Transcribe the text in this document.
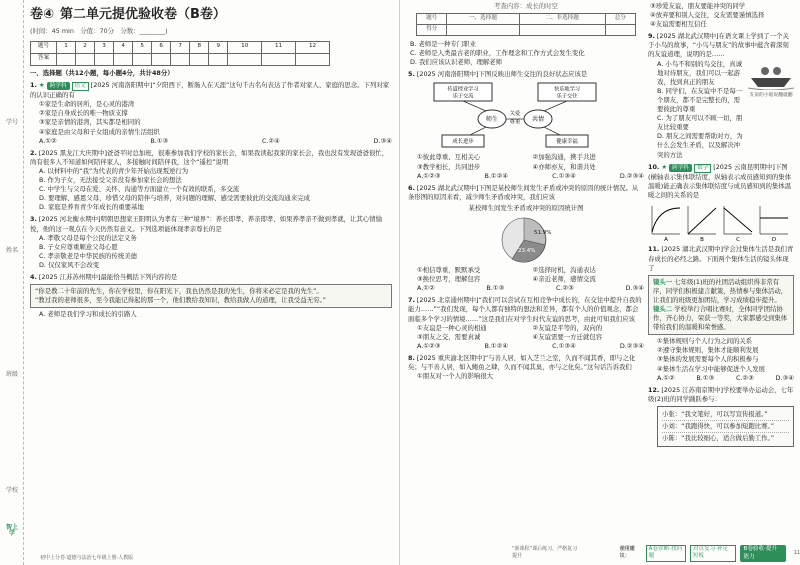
学号
姓名
班级
学校
智上学
卷④ 第二单元提优验收卷（B卷）
(时间：45 min　分值：70分　分数：________)
题号	1	2	3	4	5	6	7	8	9	10	11	12
答案												
一、选择题（共12小题，每小题4分，共计48分）
1. ★ 跨学科 语文 [2025 河南洛阳期中]“夕阳西下，断肠人在天涯”这句千古名句表达了作者对家人、家庭的思念。下列对家的认识正确的有
①家是生命的居所，是心灵的港湾
②家是自身成长的唯一物质支撑
③家是亲情的港湾，其实都是相同的
④家庭是由父母和子女组成的亲情生活组织
A.①②	B.①③	C.②④	D.③④
2. [2025 黑龙江大庆期中]爸爸平时总加班，很难参加我们学校的家长会，如果我读起我家的家长会，我也没有发现爸爸很忙，尚有很多人不知道如何陪伴家人，多接触时间陪伴我，这个“遥控”说明
A. 以材料中的“我”为代表的青少年开始出现叛逆行为
B. 作为子女，无法接受父亲没有参加家长会的想法
C. 中学生与父母在爱、关怀、沟通等方面建立一个有效的联系，多交流
D. 要理解、感恩父母，珍惜父母的陪伴与培养，对问题的理解、感受需要彼此的交流沟通来完成
D. 家庭是养育青少年成长的重要基地
3. [2025 河北衡水期中]明朝思想家王阳明认为孝有三种“境界”：养长即孝，养亲即孝，如果养孝亲不做到孝就，让其心情愉悦，他的这一观点在今天仍然有意义。下列选项能体现孝亲尊长的是
A. 孝敬父母是每个公民的法定义务
B. 子女应尊重顺意父母心愿
C. 孝亲敬老是中华民族的传统美德
D. 仅仅家风不会改变
4. [2025 江苏苏州期中]最能恰当概括下列内容的是
“你是教二十年前的先生，你在学校里，你在阳光下，我也仍然是我的先生，你将来必定是我的先生”。
“教过我的老师很多，至今我能记得起的那一个，他们教给我知识，教给我做人的道理，让我受益无穷。”
A. 老师是我们学习和成长的引路人
初中上分卷·道德与法治七年级上册·人教版
考查内容：成长的时空
题号	一、选择题	二、非选择题	总分
得分			
B. 老师是一种专门职业
C. 老师是人类最古老的职业，工作理念和工作方式会发生变化
D. 我们应该认识老师，理解老师
5. [2025 河南洛阳期中]下图反映出师生交往的良好状态应该是
传道授业学习
乐于交流
快乐地学习
乐于交往
师生	共情
关爱
尊重
成长进步	健康幸福
①彼此尊重、互相关心	②加强沟通，携手共进
③教学相长，共同进步	④亦师亦友，和谐共处
A.①②③	B.①②④	C.①③④	D.②③④
6. [2025 湖北武汉期中]下图是某校师生间发生矛盾或冲突的原因的统计情况。从条形图的原因来看，减少师生矛盾或冲突，我们应该
某校师生间发生矛盾或冲突的原因统计图
51.9%
23.4%
①相信尊重，默默承受	②选择时机，沟通表达
③换位思考，理解包容	④亲近老师，感情交流
A.①②	B.①③	C.②③	D.③④
7. [2025 北京通州期中]“我们可以尝试在互相竞争中成长的，在交往中提升自我的能力……”“我们发现，每个人都有独特的想法和差异，都有个人的价值观念，都会面临多个学习的情境……”这是我们在对学生时代友谊的思考，由此可知我们应该
①友谊是一种心灵的相通	②友谊是平等的，双向的
③朋友之交，需要真诚	④友谊需要一方迁就包容
A.①②③	B.①②④	C.①③④	D.②③④
8. [2025 重庆渝北区期中]“与善人居，如入芝兰之室，久而不闻其香，即与之化矣；与不善人居，如入鲍鱼之肆，久而不闻其臭，亦与之化矣。”这句话告诉我们
①朋友对一个人的影响很大
③珍爱友谊，朋友要能冲突的同学
④放弃要和别人交往，交友需要谨慎选择
④友谊需要相互信任
9. [2025 湖北武汉期中]在语文课上学到了一个关于小鸟的故事，“小鸟与朋友”的故事中蕴含着深刻的友谊道理，说明的是……
A. 小鸟不和别的鸟交往，真诚地对待朋友，我们可以一起游戏，找到真正的朋友
B. 同学们，在友谊中不是每一个朋友，都不是完整长的，需要彼此的尊重
C. 为了朋友可以不顾一切，朋友比较重要
D. 朋友之间需要帮助对方，为什么会发生矛盾，以及解决冲突的方法
友谊的小船说翻就翻
10. ★ 跨学科 数学 [2025 云南昆明期中]下图(横轴表示集体联结度，纵轴表示成员感知到的集体温暖)能正确表示集体联结度与成员感知到的集体温暖之间的关系的是
A	B	C	D
11. [2025 湖北武汉期中]学会过集体生活是我们青春成长的必经之路。下面两个集体生活的镜头体现了
镜头一 七年级(1)班的社团活动组织得非常有序，同学们积极建言献策，热情参与集体活动，让我们的班级更加团结，学习成绩稳步提升。
镜头二 学校举行合唱比赛时，全体同学团结协作，齐心协力，荣获一等奖，大家都感受到集体带给我们的温暖和荣誉感。
①集体规则与个人行为之间的关系
②遵守集体规则，集体才能顺利发展
③集体的发展需要每个人的积极参与
④集体生活在学习中能够促进个人发展
A.①②	B.①③	C.②③	D.③④
12. [2025 江苏南京期中]学校要举办运动会，七年级(2)班的同学踊跃参与：
小张：“我文笔好，可以写宣传报道。”
小刘：“我跑得快，可以参加短跑比赛。”
小陈：“我比较细心，适合做后勤工作。”
“新课程”课后练习，严格复习提升
使用建议：
A卷诊断·找问题
对点复习·补足短板
B卷验收·提升能力
11
